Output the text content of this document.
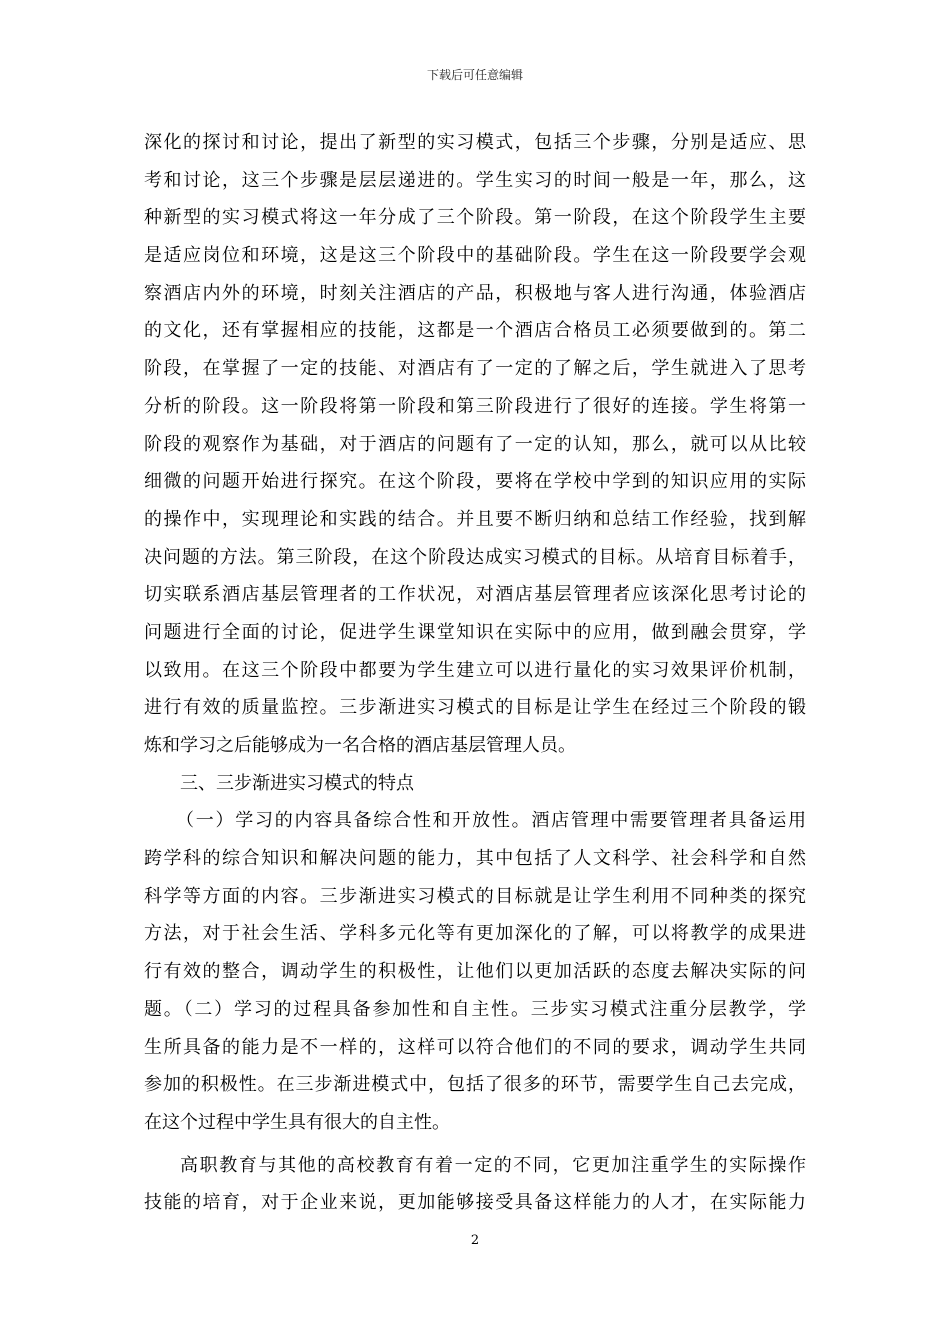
下载后可任意编辑
深化的探讨和讨论，提出了新型的实习模式，包括三个步骤，分别是适应、思
考和讨论，这三个步骤是层层递进的。学生实习的时间一般是一年，那么，这
种新型的实习模式将这一年分成了三个阶段。第一阶段，在这个阶段学生主要
是适应岗位和环境，这是这三个阶段中的基础阶段。学生在这一阶段要学会观
察酒店内外的环境，时刻关注酒店的产品，积极地与客人进行沟通，体验酒店
的文化，还有掌握相应的技能，这都是一个酒店合格员工必须要做到的。第二
阶段，在掌握了一定的技能、对酒店有了一定的了解之后，学生就进入了思考
分析的阶段。这一阶段将第一阶段和第三阶段进行了很好的连接。学生将第一
阶段的观察作为基础，对于酒店的问题有了一定的认知，那么，就可以从比较
细微的问题开始进行探究。在这个阶段，要将在学校中学到的知识应用的实际
的操作中，实现理论和实践的结合。并且要不断归纳和总结工作经验，找到解
决问题的方法。第三阶段，在这个阶段达成实习模式的目标。从培育目标着手，
切实联系酒店基层管理者的工作状况，对酒店基层管理者应该深化思考讨论的
问题进行全面的讨论，促进学生课堂知识在实际中的应用，做到融会贯穿，学
以致用。在这三个阶段中都要为学生建立可以进行量化的实习效果评价机制，
进行有效的质量监控。三步渐进实习模式的目标是让学生在经过三个阶段的锻
炼和学习之后能够成为一名合格的酒店基层管理人员。
三、三步渐进实习模式的特点
（一）学习的内容具备综合性和开放性。酒店管理中需要管理者具备运用
跨学科的综合知识和解决问题的能力，其中包括了人文科学、社会科学和自然
科学等方面的内容。三步渐进实习模式的目标就是让学生利用不同种类的探究
方法，对于社会生活、学科多元化等有更加深化的了解，可以将教学的成果进
行有效的整合，调动学生的积极性，让他们以更加活跃的态度去解决实际的问
题。（二）学习的过程具备参加性和自主性。三步实习模式注重分层教学，学
生所具备的能力是不一样的，这样可以符合他们的不同的要求，调动学生共同
参加的积极性。在三步渐进模式中，包括了很多的环节，需要学生自己去完成，
在这个过程中学生具有很大的自主性。
高职教育与其他的高校教育有着一定的不同，它更加注重学生的实际操作
技能的培育，对于企业来说，更加能够接受具备这样能力的人才，在实际能力
2
